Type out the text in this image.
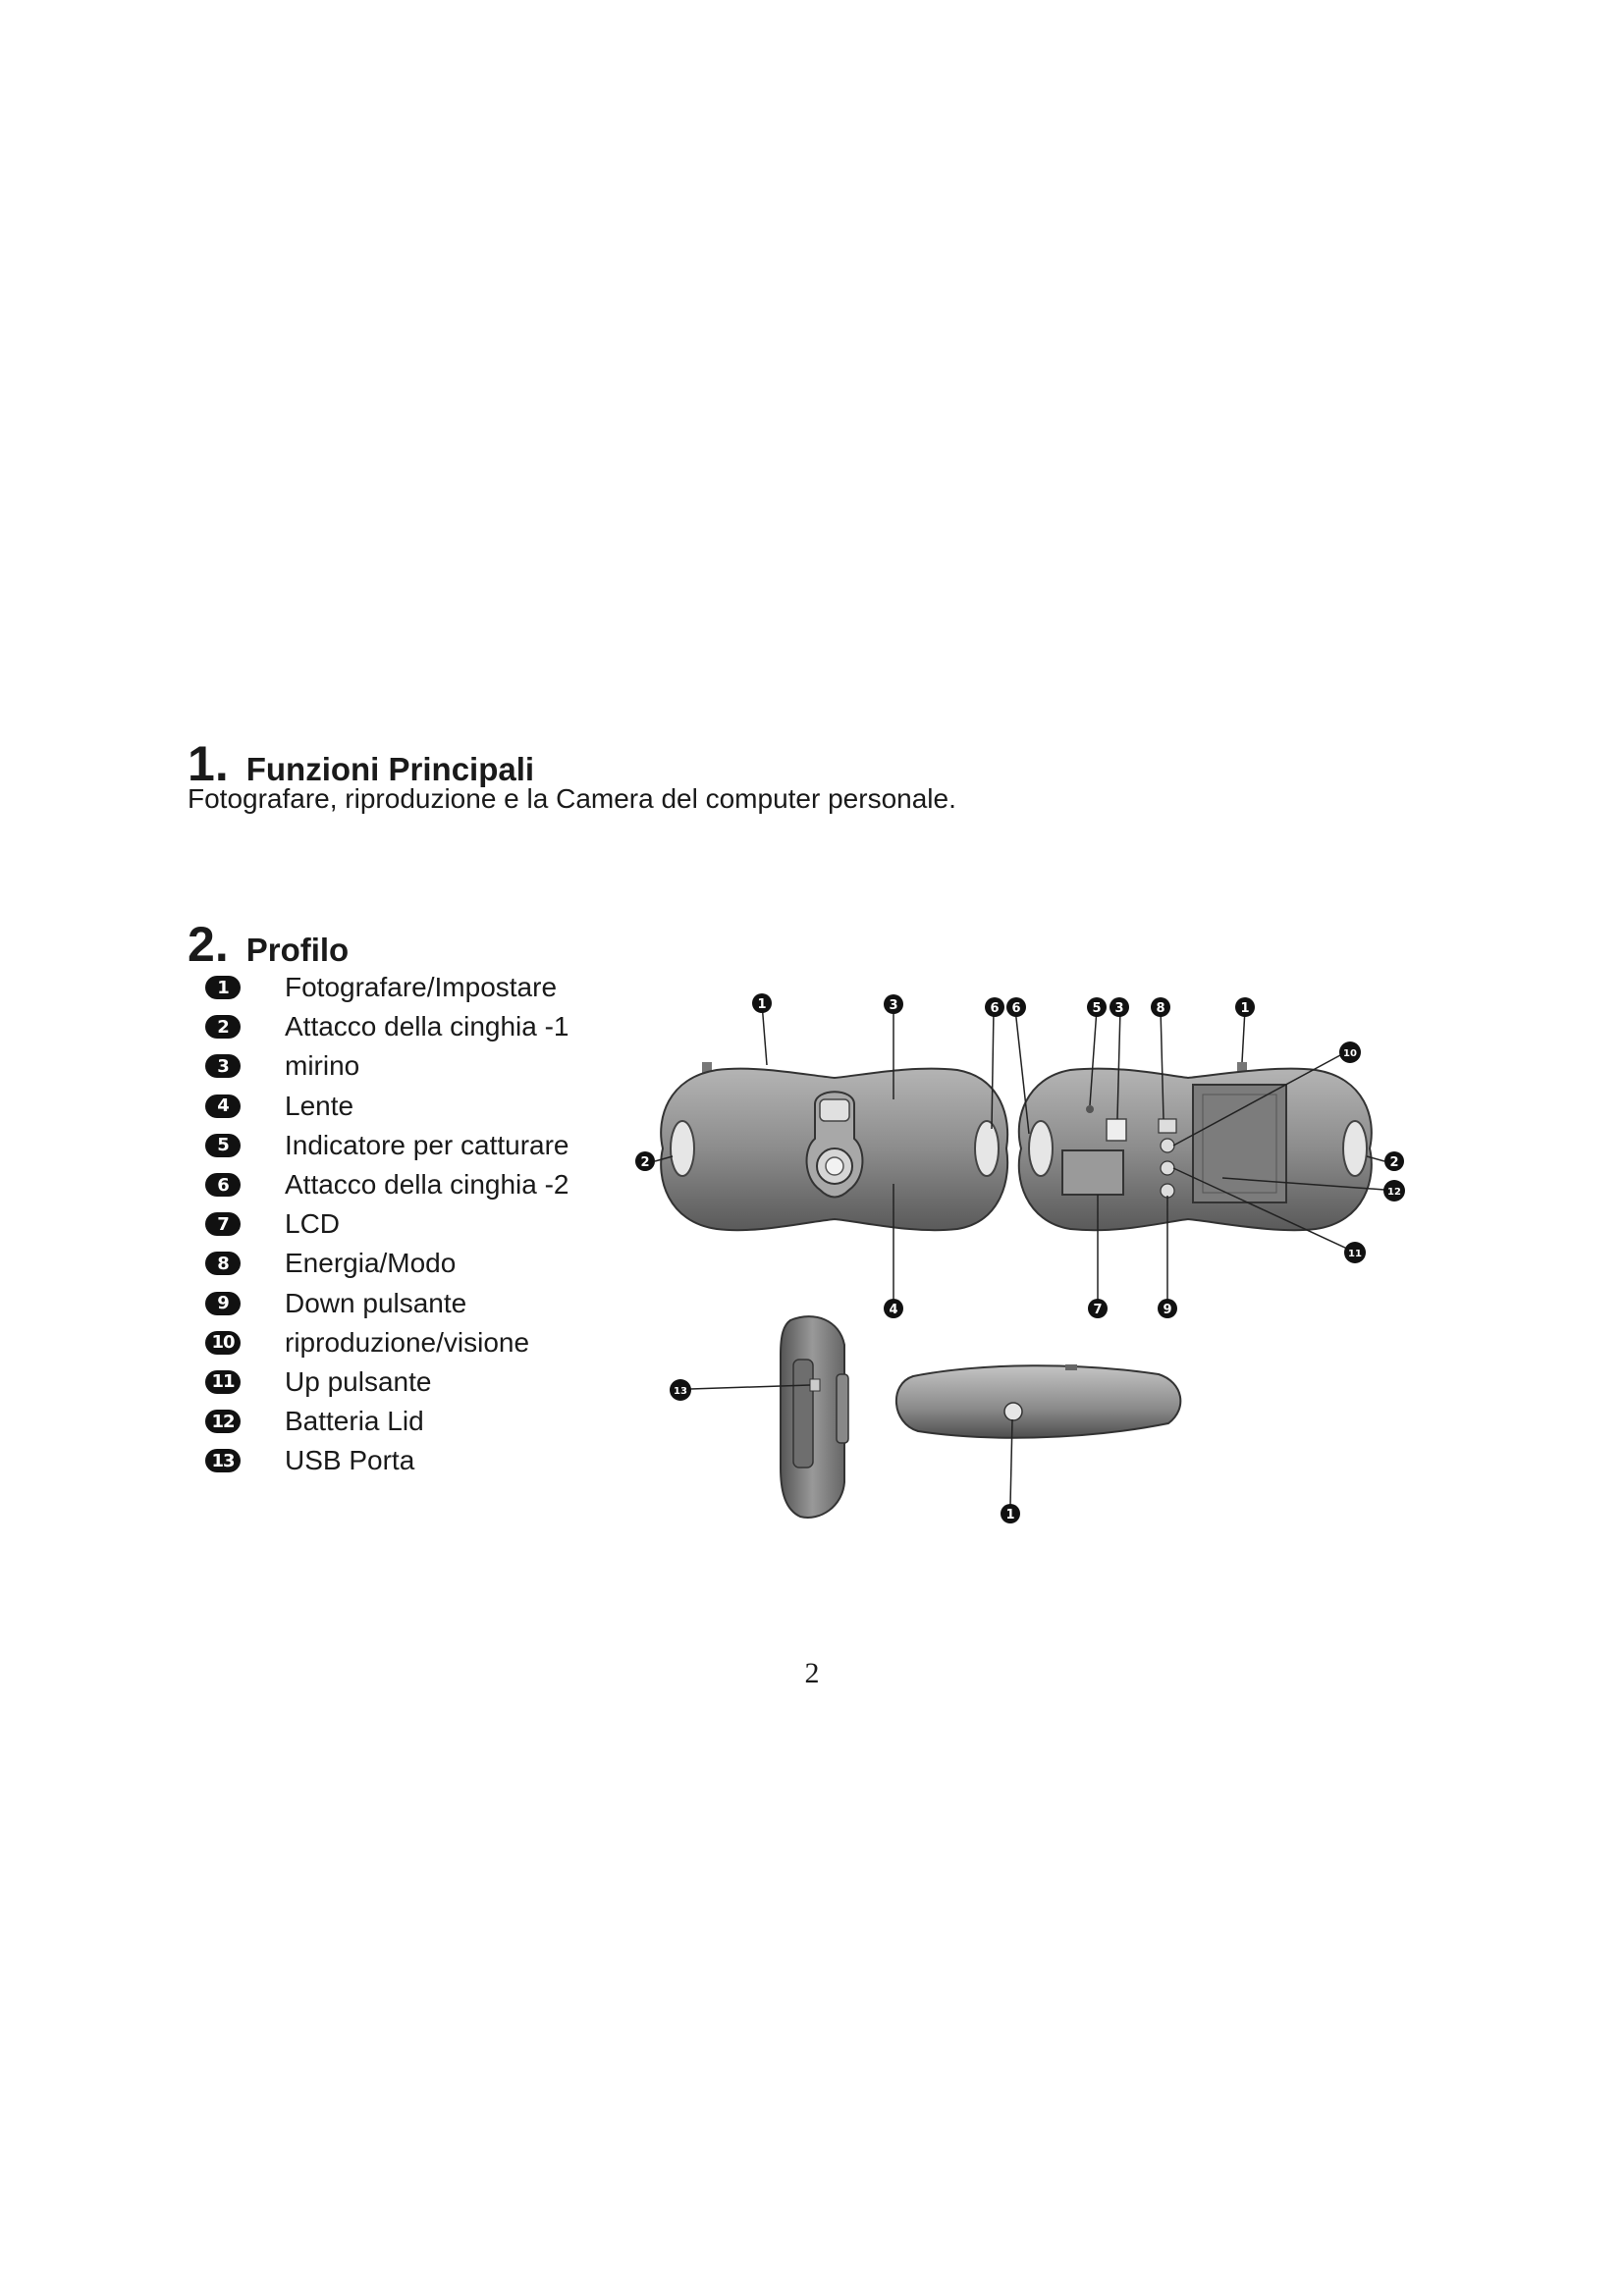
1 . Funzioni Principali
Fotografare, riproduzione e la Camera del computer personale.
2 . Profilo
1	Fotografare/Impostare
2	Attacco della cinghia -1
3	mirino
4	Lente
5	Indicatore per catturare
6	Attacco della cinghia -2
7	LCD
8	Energia/Modo
9	Down pulsante
10 riproduzione/visione
11 Up pulsante
12 Batteria Lid
13 USB Porta
1	3	6 6	5 3	8	1
10
2	2
12
11
4	7	9
13
1
2
